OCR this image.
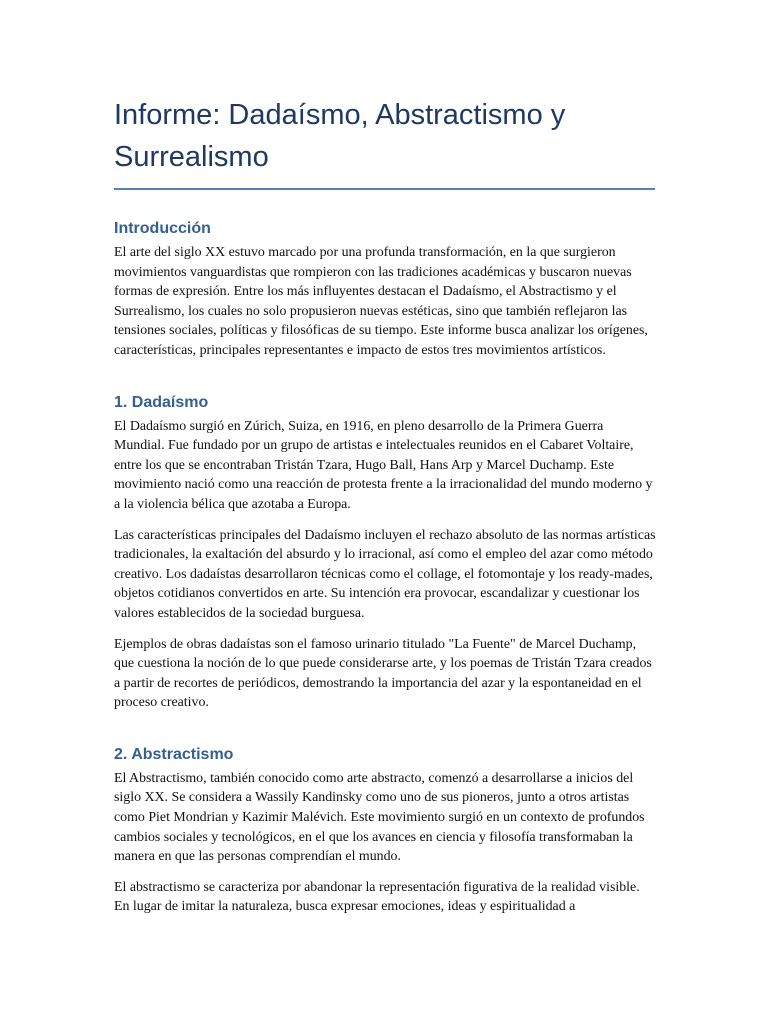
Informe: Dadaísmo, Abstractismo y Surrealismo
Introducción

El arte del siglo XX estuvo marcado por una profunda transformación, en la que surgieron movimientos vanguardistas que rompieron con las tradiciones académicas y buscaron nuevas formas de expresión. Entre los más influyentes destacan el Dadaísmo, el Abstractismo y el Surrealismo, los cuales no solo propusieron nuevas estéticas, sino que también reflejaron las tensiones sociales, políticas y filosóficas de su tiempo. Este informe busca analizar los orígenes, características, principales representantes e impacto de estos tres movimientos artísticos.

1. Dadaísmo

El Dadaísmo surgió en Zúrich, Suiza, en 1916, en pleno desarrollo de la Primera Guerra Mundial. Fue fundado por un grupo de artistas e intelectuales reunidos en el Cabaret Voltaire, entre los que se encontraban Tristán Tzara, Hugo Ball, Hans Arp y Marcel Duchamp. Este movimiento nació como una reacción de protesta frente a la irracionalidad del mundo moderno y a la violencia bélica que azotaba a Europa.

Las características principales del Dadaísmo incluyen el rechazo absoluto de las normas artísticas tradicionales, la exaltación del absurdo y lo irracional, así como el empleo del azar como método creativo. Los dadaístas desarrollaron técnicas como el collage, el fotomontaje y los ready-mades, objetos cotidianos convertidos en arte. Su intención era provocar, escandalizar y cuestionar los valores establecidos de la sociedad burguesa.

Ejemplos de obras dadaístas son el famoso urinario titulado "La Fuente" de Marcel Duchamp, que cuestiona la noción de lo que puede considerarse arte, y los poemas de Tristán Tzara creados a partir de recortes de periódicos, demostrando la importancia del azar y la espontaneidad en el proceso creativo.

2. Abstractismo

El Abstractismo, también conocido como arte abstracto, comenzó a desarrollarse a inicios del siglo XX. Se considera a Wassily Kandinsky como uno de sus pioneros, junto a otros artistas como Piet Mondrian y Kazimir Malévich. Este movimiento surgió en un contexto de profundos cambios sociales y tecnológicos, en el que los avances en ciencia y filosofía transformaban la manera en que las personas comprendían el mundo.

El abstractismo se caracteriza por abandonar la representación figurativa de la realidad visible. En lugar de imitar la naturaleza, busca expresar emociones, ideas y espiritualidad a
